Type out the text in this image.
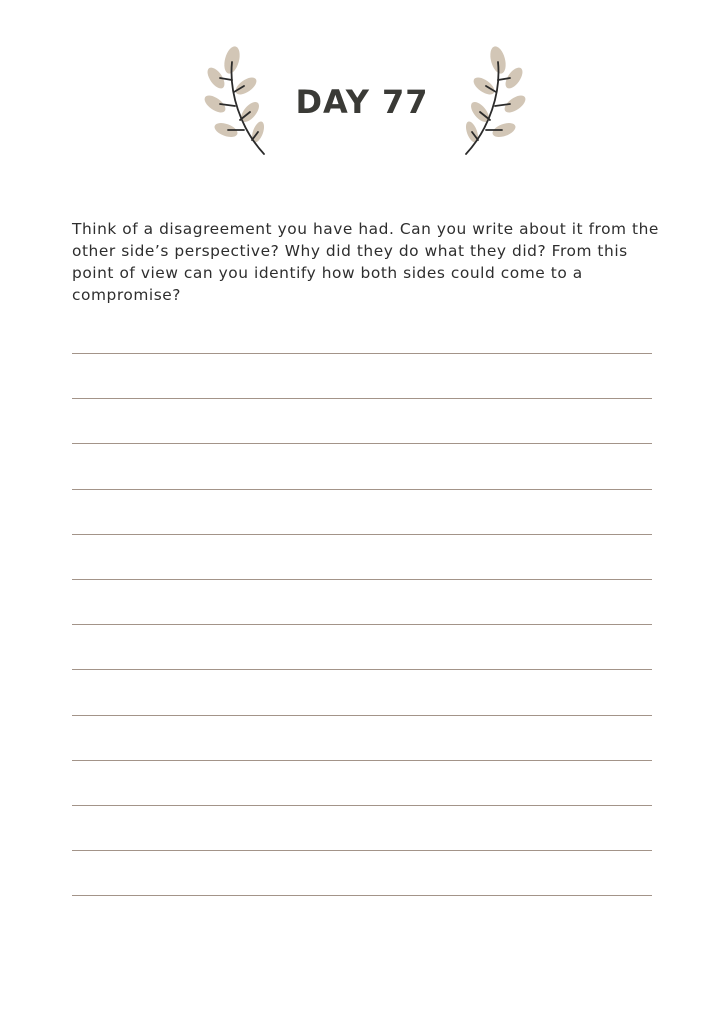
DAY 77

Think of a disagreement you have had. Can you write about it from the other side’s perspective? Why did they do what they did? From this point of view can you identify how both sides could come to a compromise?
